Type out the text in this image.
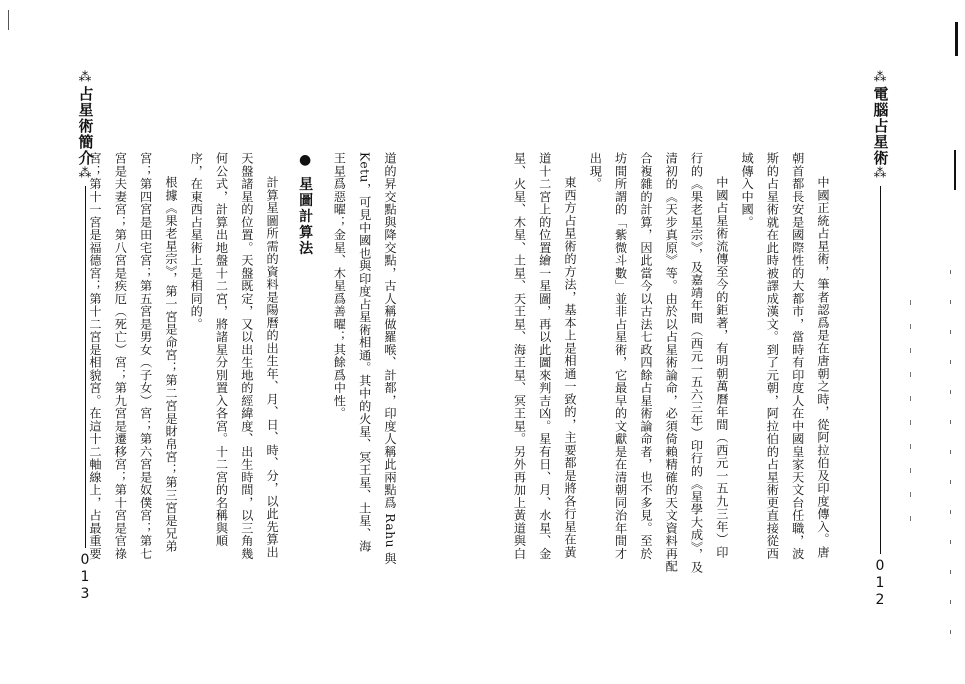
⁂
電腦占星術
⁂
012
中國正統占星術，筆者認爲是在唐朝之時，從阿拉伯及印度傳入。唐
朝首都長安是國際性的大都市，當時有印度人在中國皇家天文台任職，波
斯的占星術就在此時被譯成漢文。到了元朝，阿拉伯的占星術更直接從西
域傳入中國。
中國占星術流傳至今的鉅著，有明朝萬曆年間（西元一五九三年）印
行的《果老星宗》，及嘉靖年間（西元一五六三年）印行的《星學大成》，及
清初的《天步真原》等。由於以占星術論命，必須倚賴精確的天文資料再配
合複雜的計算，因此當今以古法七政四餘占星術論命者，也不多見。至於
坊間所謂的「紫微斗數」並非占星術，它最早的文獻是在清朝同治年間才
出現。
東西方占星術的方法，基本上是相通一致的，主要都是將各行星在黃
道十二宮上的位置繪一星圖，再以此圖來判吉凶。星有日、月、水星、金
星、火星、木星、土星、天王星、海王星、冥王星。另外再加上黃道與白
道的昇交點與降交點，古人稱做羅喉、計都，印度人稱此兩點爲 Rahu 與
Ketu，可見中國也與印度占星術相通。其中的火星、冥王星、土星、海
王星爲惡曜；金星、木星爲善曜；其餘爲中性。
● 星圖計算法
計算星圖所需的資料是陽曆的出生年、月、日、時、分，以此先算出
天盤諸星的位置。天盤既定，又以出生地的經緯度、出生時間，以三角幾
何公式，計算出地盤十二宮，將諸星分別置入各宮。十二宮的名稱與順
序，在東西占星術上是相同的。
根據《果老星宗》，第一宮是命宮；第二宮是財帛宮；第三宮是兄弟
宮；第四宮是田宅宮；第五宮是男女（子女）宮；第六宮是奴僕宮；第七
宮是夫妻宮；第八宮是疾厄（死亡）宮；第九宮是遷移宮；第十宮是官祿
宮；第十一宮是福德宮；第十二宮是相貌宮。在這十二軸線上，占最重要
⁂
占星術簡介
⁂
013
